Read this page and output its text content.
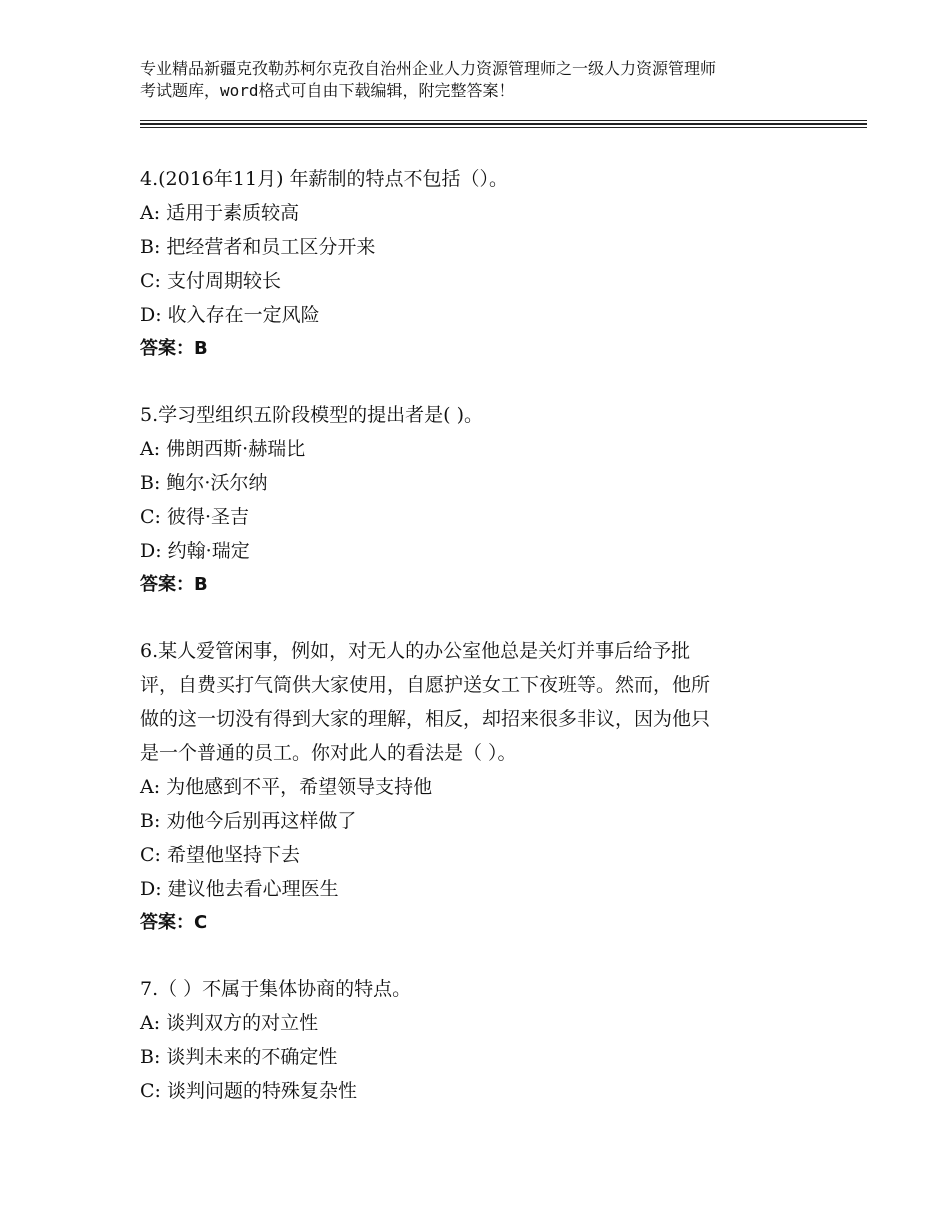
专业精品新疆克孜勒苏柯尔克孜自治州企业人力资源管理师之一级人力资源管理师
考试题库，word格式可自由下载编辑，附完整答案！

4.(2016年11月) 年薪制的特点不包括（）。

A: 适用于素质较高

B: 把经营者和员工区分开来

C: 支付周期较长

D: 收入存在一定风险

答案：B

5.学习型组织五阶段模型的提出者是( )。

A: 佛朗西斯·赫瑞比

B: 鲍尔·沃尔纳

C: 彼得·圣吉

D: 约翰·瑞定

答案：B

6.某人爱管闲事，例如，对无人的办公室他总是关灯并事后给予批

评，自费买打气筒供大家使用，自愿护送女工下夜班等。然而，他所

做的这一切没有得到大家的理解，相反，却招来很多非议，因为他只

是一个普通的员工。你对此人的看法是（ ）。

A: 为他感到不平，希望领导支持他

B: 劝他今后别再这样做了

C: 希望他坚持下去

D: 建议他去看心理医生

答案：C

7.（ ）不属于集体协商的特点。

A: 谈判双方的对立性

B: 谈判未来的不确定性

C: 谈判问题的特殊复杂性
